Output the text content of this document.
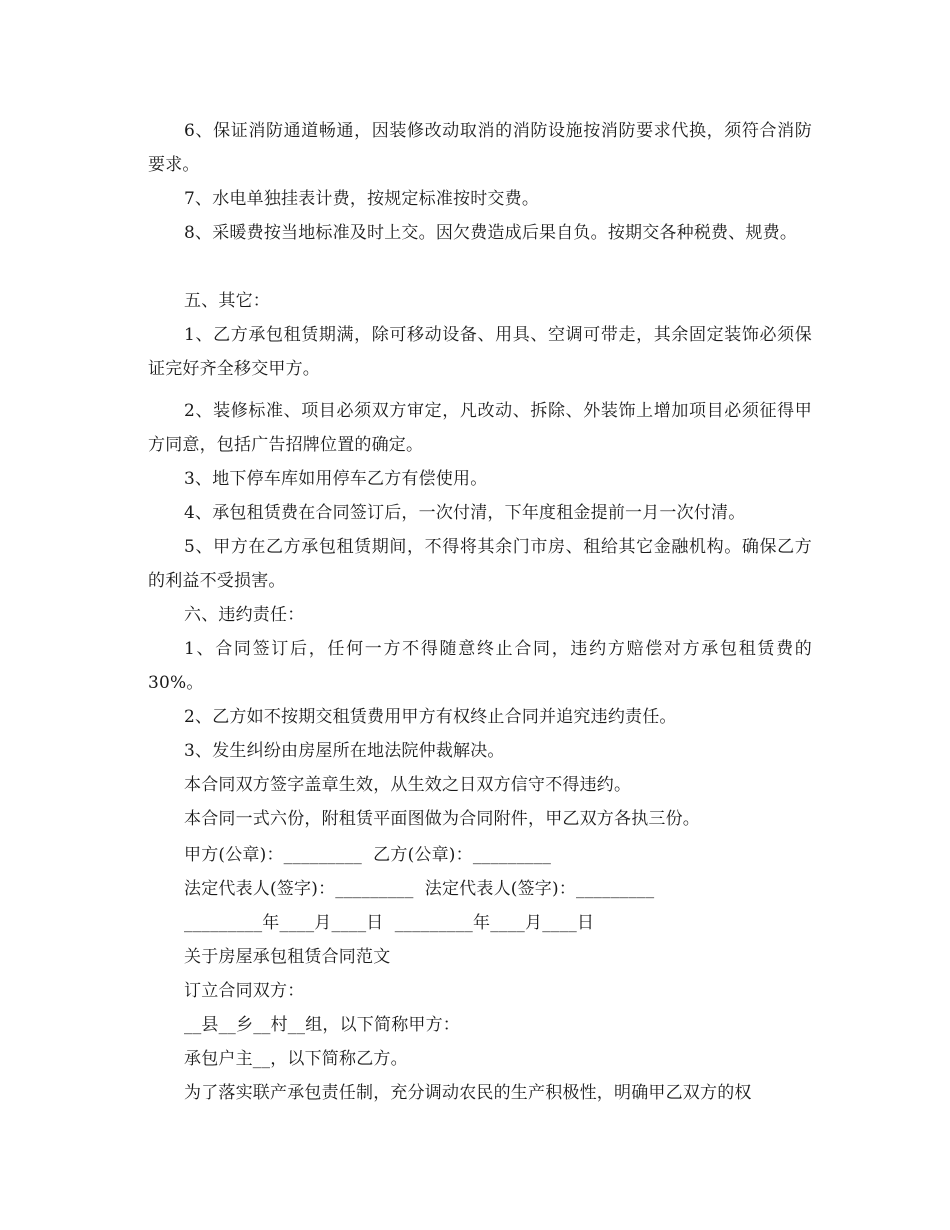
6、保证消防通道畅通，因装修改动取消的消防设施按消防要求代换，须符合消防要求。

7、水电单独挂表计费，按规定标准按时交费。

8、采暖费按当地标准及时上交。因欠费造成后果自负。按期交各种税费、规费。

五、其它：

1、乙方承包租赁期满，除可移动设备、用具、空调可带走，其余固定装饰必须保证完好齐全移交甲方。

2、装修标准、项目必须双方审定，凡改动、拆除、外装饰上增加项目必须征得甲方同意，包括广告招牌位置的确定。

3、地下停车库如用停车乙方有偿使用。

4、承包租赁费在合同签订后，一次付清，下年度租金提前一月一次付清。

5、甲方在乙方承包租赁期间，不得将其余门市房、租给其它金融机构。确保乙方的利益不受损害。

六、违约责任：

1、合同签订后，任何一方不得随意终止合同，违约方赔偿对方承包租赁费的30%。

2、乙方如不按期交租赁费用甲方有权终止合同并追究违约责任。

3、发生纠纷由房屋所在地法院仲裁解决。

本合同双方签字盖章生效，从生效之日双方信守不得违约。

本合同一式六份，附租赁平面图做为合同附件，甲乙双方各执三份。

甲方(公章)：_________  乙方(公章)：_________

法定代表人(签字)：_________  法定代表人(签字)：_________

_________年____月____日  _________年____月____日

关于房屋承包租赁合同范文

订立合同双方：

__县__乡__村__组，以下简称甲方：

承包户主__，以下简称乙方。

为了落实联产承包责任制，充分调动农民的生产积极性，明确甲乙双方的权
